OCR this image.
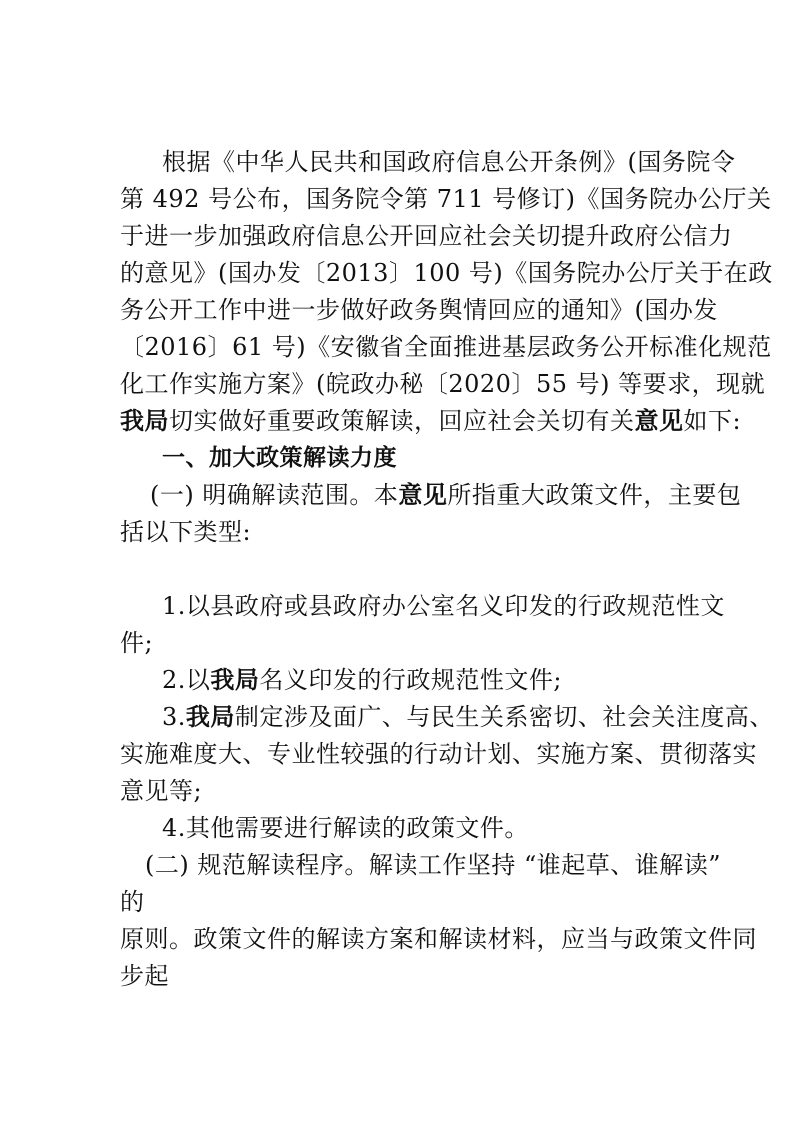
根据《中华人民共和国政府信息公开条例》(国务院令
第 492 号公布，国务院令第 711 号修订)《国务院办公厅关
于进一步加强政府信息公开回应社会关切提升政府公信力
的意见》(国办发〔2013〕100 号)《国务院办公厅关于在政
务公开工作中进一步做好政务舆情回应的通知》(国办发
〔2016〕61 号)《安徽省全面推进基层政务公开标准化规范
化工作实施方案》(皖政办秘〔2020〕55 号) 等要求，现就
我局切实做好重要政策解读，回应社会关切有关意见如下:
一、加大政策解读力度
(一) 明确解读范围。本意见所指重大政策文件，主要包
括以下类型:
1.以县政府或县政府办公室名义印发的行政规范性文
件;
2.以我局名义印发的行政规范性文件;
3.我局制定涉及面广、与民生关系密切、社会关注度高、
实施难度大、专业性较强的行动计划、实施方案、贯彻落实
意见等;
4.其他需要进行解读的政策文件。
(二) 规范解读程序。解读工作坚持 “谁起草、谁解读”
的
原则。政策文件的解读方案和解读材料，应当与政策文件同
步起
